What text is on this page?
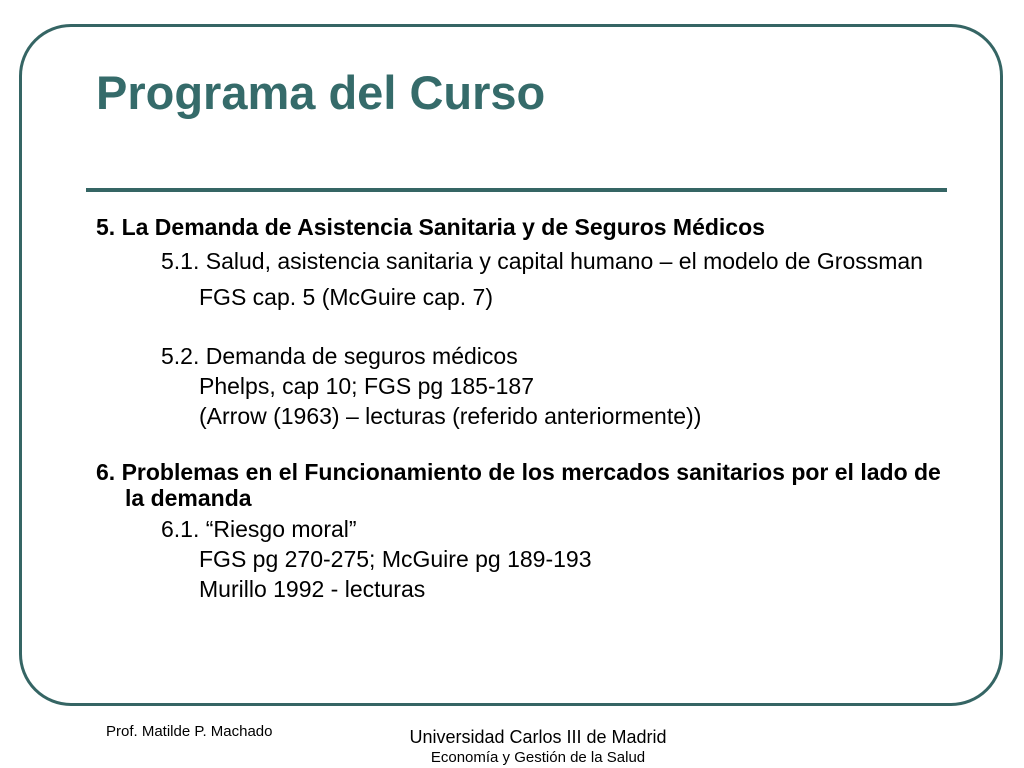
Programa del Curso

5. La Demanda de Asistencia Sanitaria y de Seguros Médicos

5.1. Salud, asistencia sanitaria y capital humano – el modelo de Grossman

FGS cap. 5 (McGuire cap. 7)

5.2. Demanda de seguros médicos

Phelps, cap 10; FGS pg 185-187

(Arrow (1963) – lecturas (referido anteriormente))

6. Problemas en el Funcionamiento de los mercados sanitarios por el lado de la demanda

6.1. “Riesgo moral”

FGS pg 270-275; McGuire pg 189-193

Murillo 1992 - lecturas

Prof. Matilde P. Machado	Universidad Carlos III de Madrid
Economía y Gestión de la Salud
